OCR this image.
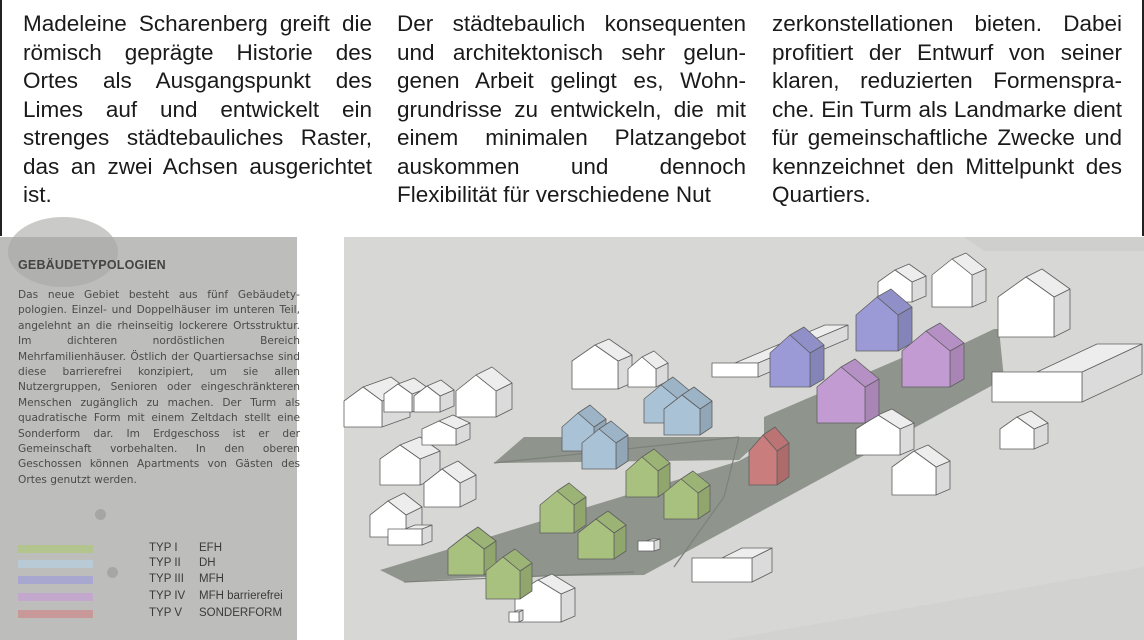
Madeleine Scharenberg greift die römisch geprägte Historie des Ortes als Ausgangspunkt des Limes auf und entwickelt ein strenges städtebauliches Raster, das an zwei Achsen ausgerichtet ist.
Der städtebaulich konsequenten und architektonisch sehr gelungenen Arbeit gelingt es, Wohngrundrisse zu entwickeln, die mit einem minimalen Platzangebot auskommen und dennoch Flexibilität für verschiedene Nut
zerkonstellationen bieten. Dabei profitiert der Entwurf von seiner klaren, reduzierten Formensprache. Ein Turm als Landmarke dient für gemeinschaftliche Zwecke und kennzeichnet den Mittelpunkt des Quartiers.
GEBÄUDETYPOLOGIEN
Das neue Gebiet besteht aus fünf Gebäudetypologien. Einzel- und Doppelhäuser im unteren Teil, angelehnt an die rheinseitig lockerere Ortsstruktur. Im dichteren nordöstlichen Bereich Mehrfamilienhäuser. Östlich der Quartiersachse sind diese barrierefrei konzipiert, um sie allen Nutzergruppen, Senioren oder eingeschränkteren Menschen zugänglich zu machen. Der Turm als quadratische Form mit einem Zeltdach stellt eine Sonderform dar. Im Erdgeschoss ist er der Gemeinschaft vorbehalten. In den oberen Geschossen können Apartments von Gästen des Ortes genutzt werden.
TYP I EFH
TYP II DH
TYP III MFH
TYP IV MFH barrierefrei
TYP V SONDERFORM
